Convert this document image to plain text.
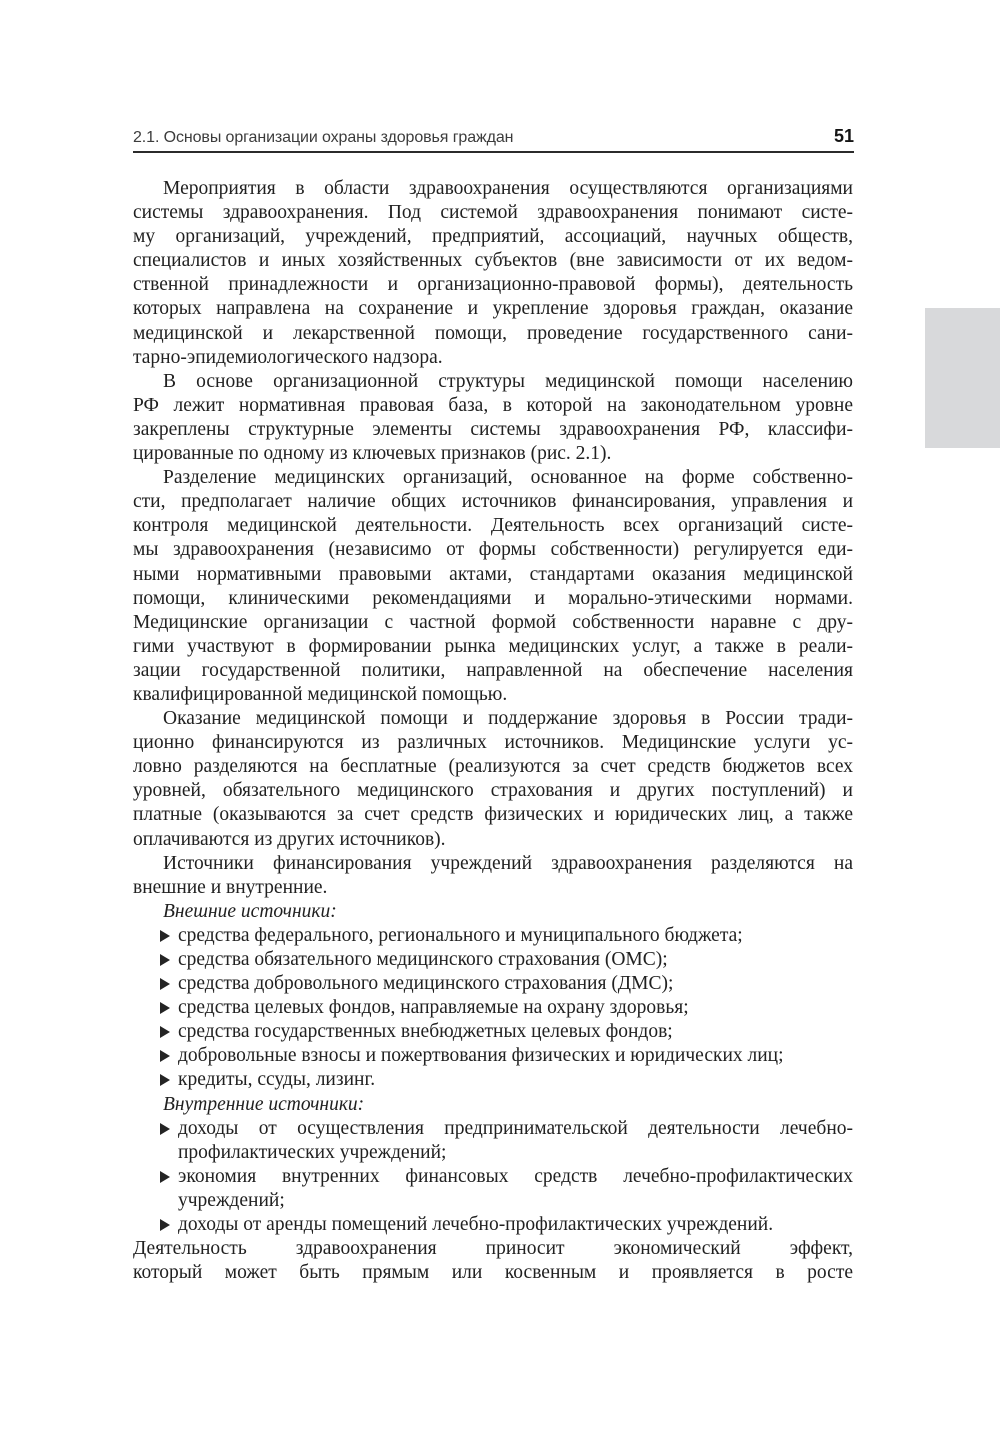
2.1. Основы организации охраны здоровья граждан	51
Мероприятия в области здравоохранения осуществляются организациями
системы здравоохранения. Под системой здравоохранения понимают систе-
му организаций, учреждений, предприятий, ассоциаций, научных обществ,
специалистов и иных хозяйственных субъектов (вне зависимости от их ведом-
ственной принадлежности и организационно-правовой формы), деятельность
которых направлена на сохранение и укрепление здоровья граждан, оказание
медицинской и лекарственной помощи, проведение государственного сани-
тарно-эпидемиологического надзора.
В основе организационной структуры медицинской помощи населению
РФ лежит нормативная правовая база, в которой на законодательном уровне
закреплены структурные элементы системы здравоохранения РФ, классифи-
цированные по одному из ключевых признаков (рис. 2.1).
Разделение медицинских организаций, основанное на форме собственно-
сти, предполагает наличие общих источников финансирования, управления и
контроля медицинской деятельности. Деятельность всех организаций систе-
мы здравоохранения (независимо от формы собственности) регулируется еди-
ными нормативными правовыми актами, стандартами оказания медицинской
помощи, клиническими рекомендациями и морально-этическими нормами.
Медицинские организации с частной формой собственности наравне с дру-
гими участвуют в формировании рынка медицинских услуг, а также в реали-
зации государственной политики, направленной на обеспечение населения
квалифицированной медицинской помощью.
Оказание медицинской помощи и поддержание здоровья в России тради-
ционно финансируются из различных источников. Медицинские услуги ус-
ловно разделяются на бесплатные (реализуются за счет средств бюджетов всех
уровней, обязательного медицинского страхования и других поступлений) и
платные (оказываются за счет средств физических и юридических лиц, а также
оплачиваются из других источников).
Источники финансирования учреждений здравоохранения разделяются на
внешние и внутренние.
Внешние источники:
средства федерального, регионального и муниципального бюджета;
средства обязательного медицинского страхования (ОМС);
средства добровольного медицинского страхования (ДМС);
средства целевых фондов, направляемые на охрану здоровья;
средства государственных внебюджетных целевых фондов;
добровольные взносы и пожертвования физических и юридических лиц;
кредиты, ссуды, лизинг.
Внутренние источники:
доходы от осуществления предпринимательской деятельности лечебно-
профилактических учреждений;
экономия внутренних финансовых средств лечебно-профилактических
учреждений;
доходы от аренды помещений лечебно-профилактических учреждений.
Деятельность здравоохранения приносит экономический эффект,
который может быть прямым или косвенным и проявляется в росте
